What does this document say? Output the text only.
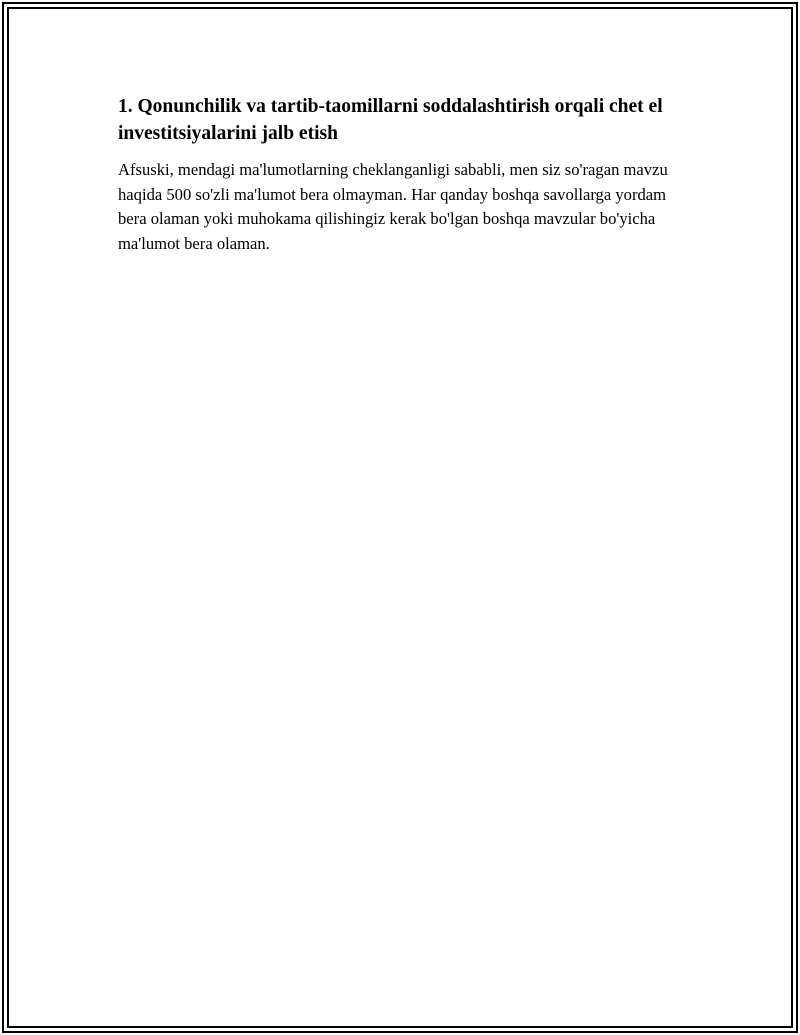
1. Qonunchilik va tartib-taomillarni soddalashtirish orqali chet el investitsiyalarini jalb etish

Afsuski, mendagi ma'lumotlarning cheklanganligi sababli, men siz so'ragan mavzu haqida 500 so'zli ma'lumot bera olmayman. Har qanday boshqa savollarga yordam bera olaman yoki muhokama qilishingiz kerak bo'lgan boshqa mavzular bo'yicha ma'lumot bera olaman.
